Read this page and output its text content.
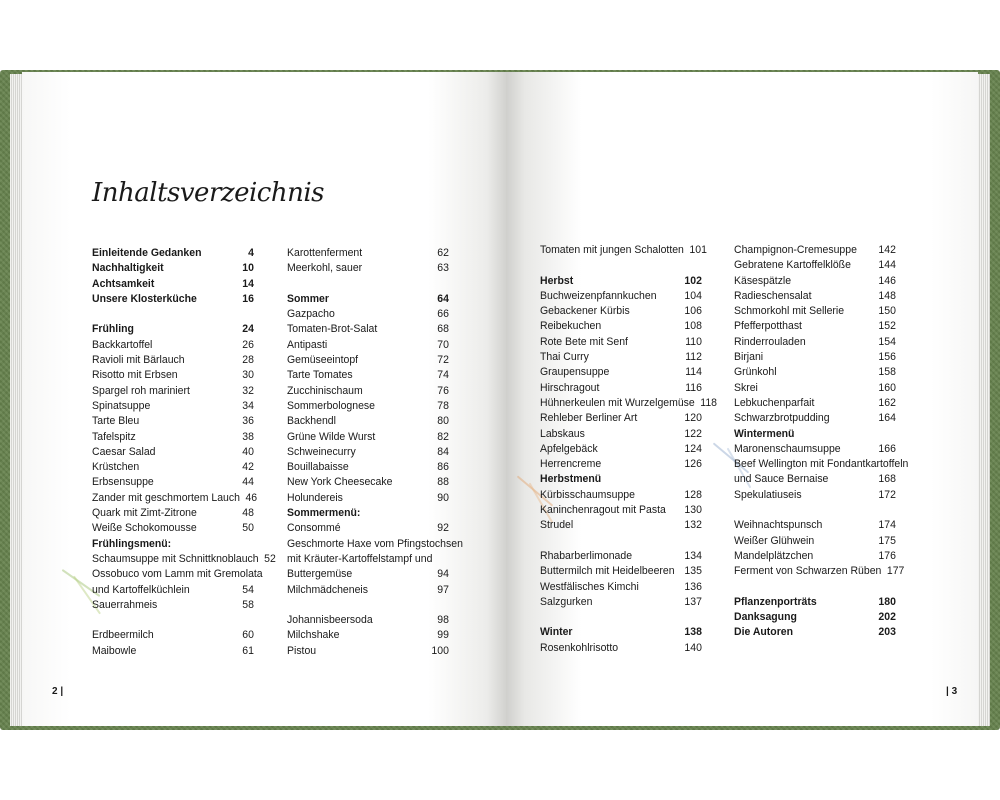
Inhaltsverzeichnis
Einleitende Gedanken	4
Nachhaltigkeit	10
Achtsamkeit	14
Unsere Klosterküche	16
Frühling	24
Backkartoffel	26
Ravioli mit Bärlauch	28
Risotto mit Erbsen	30
Spargel roh mariniert	32
Spinatsuppe	34
Tarte Bleu	36
Tafelspitz	38
Caesar Salad	40
Krüstchen	42
Erbsensuppe	44
Zander mit geschmortem Lauch 46
Quark mit Zimt-Zitrone	48
Weiße Schokomousse	50
Frühlingsmenü:
Schaumsuppe mit Schnittknoblauch 52
Ossobuco vom Lamm mit Gremolata
und Kartoffelküchlein	54
Sauerrahmeis	58
Erdbeermilch	60
Maibowle	61
Karottenferment	62
Meerkohl, sauer	63
Sommer	64
Gazpacho	66
Tomaten-Brot-Salat	68
Antipasti	70
Gemüseeintopf	72
Tarte Tomates	74
Zucchinischaum	76
Sommerbolognese	78
Backhendl	80
Grüne Wilde Wurst	82
Schweinecurry	84
Bouillabaisse	86
New York Cheesecake	88
Holundereis	90
Sommermenü:
Consommé	92
Geschmorte Haxe vom Pfingstochsen
mit Kräuter-Kartoffelstampf und
Buttergemüse	94
Milchmädcheneis	97
Johannisbeersoda	98
Milchshake	99
Pistou	100
Tomaten mit jungen Schalotten 101
Herbst	102
Buchweizenpfannkuchen	104
Gebackener Kürbis	106
Reibekuchen	108
Rote Bete mit Senf	110
Thai Curry	112
Graupensuppe	114
Hirschragout	116
Hühnerkeulen mit Wurzelgemüse 118
Rehleber Berliner Art	120
Labskaus	122
Apfelgebäck	124
Herrencreme	126
Herbstmenü
Kürbisschaumsuppe	128
Kaninchenragout mit Pasta	130
Strudel	132
Rhabarberlimonade	134
Buttermilch mit Heidelbeeren 135
Westfälisches Kimchi	136
Salzgurken	137
Winter	138
Rosenkohlrisotto	140
Champignon-Cremesuppe	142
Gebratene Kartoffelklöße	144
Käsespätzle	146
Radieschensalat	148
Schmorkohl mit Sellerie	150
Pfefferpotthast	152
Rinderrouladen	154
Birjani	156
Grünkohl	158
Skrei	160
Lebkuchenparfait	162
Schwarzbrotpudding	164
Wintermenü
Maronenschaumsuppe	166
Beef Wellington mit Fondantkartoffeln
und Sauce Bernaise	168
Spekulatiuseis	172
Weihnachtspunsch	174
Weißer Glühwein	175
Mandelplätzchen	176
Ferment von Schwarzen Rüben 177
Pflanzenporträts	180
Danksagung	202
Die Autoren	203
2 |	| 3
